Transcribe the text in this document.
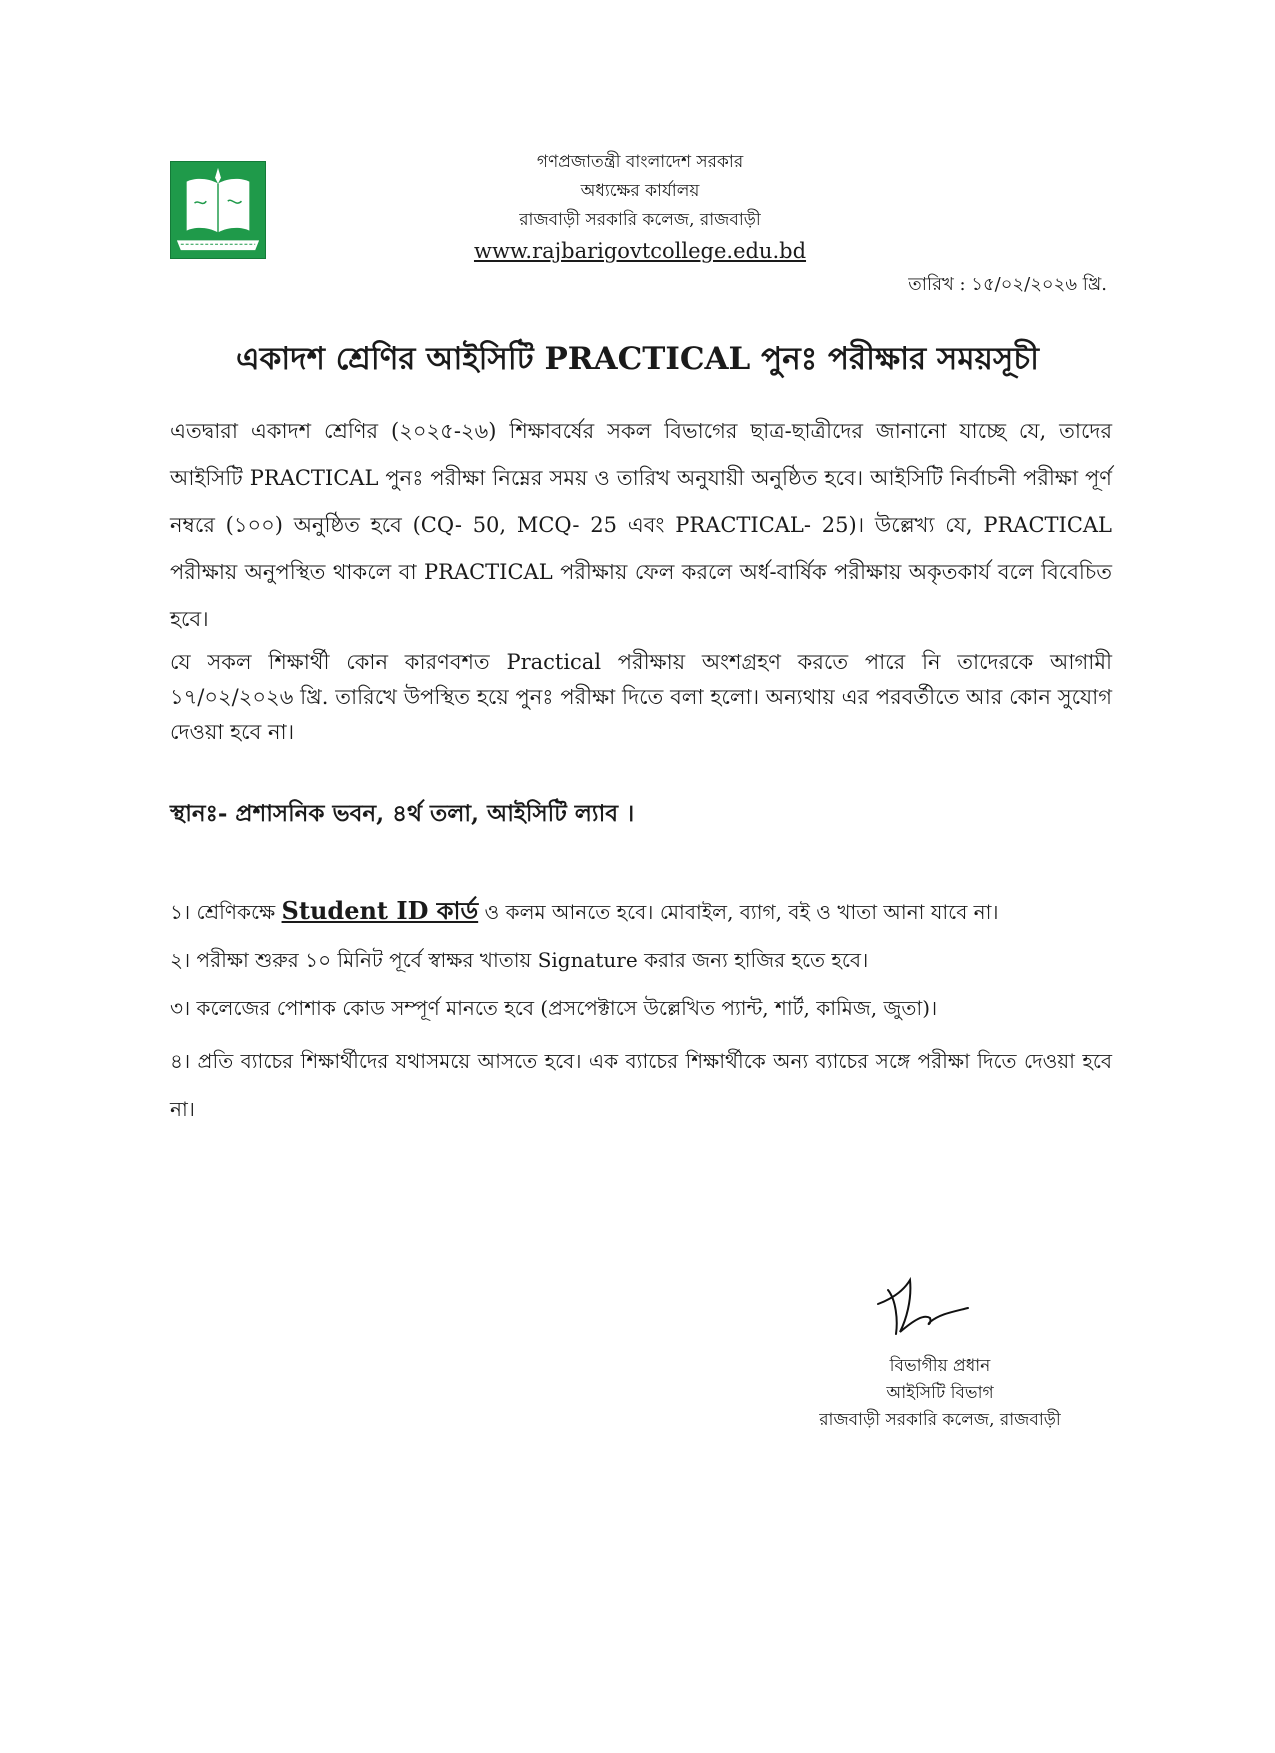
গণপ্রজাতন্ত্রী বাংলাদেশ সরকার
অধ্যক্ষের কার্যালয়
রাজবাড়ী সরকারি কলেজ, রাজবাড়ী
www.rajbarigovtcollege.edu.bd
তারিখ : ১৫/০২/২০২৬ খ্রি.
একাদশ শ্রেণির আইসিটি PRACTICAL পুনঃ পরীক্ষার সময়সূচী
এতদ্বারা একাদশ শ্রেণির (২০২৫-২৬) শিক্ষাবর্ষের সকল বিভাগের ছাত্র-ছাত্রীদের জানানো যাচ্ছে যে, তাদের আইসিটি PRACTICAL পুনঃ পরীক্ষা নিম্নের সময় ও তারিখ অনুযায়ী অনুষ্ঠিত হবে। আইসিটি নির্বাচনী পরীক্ষা পূর্ণ নম্বরে (১০০) অনুষ্ঠিত হবে (CQ- 50, MCQ- 25 এবং PRACTICAL- 25)। উল্লেখ্য যে, PRACTICAL পরীক্ষায় অনুপস্থিত থাকলে বা PRACTICAL পরীক্ষায় ফেল করলে অর্ধ-বার্ষিক পরীক্ষায় অকৃতকার্য বলে বিবেচিত হবে।
যে সকল শিক্ষার্থী কোন কারণবশত Practical পরীক্ষায় অংশগ্রহণ করতে পারে নি তাদেরকে আগামী ১৭/০২/২০২৬ খ্রি. তারিখে উপস্থিত হয়ে পুনঃ পরীক্ষা দিতে বলা হলো। অন্যথায় এর পরবর্তীতে আর কোন সুযোগ দেওয়া হবে না।
স্থানঃ- প্রশাসনিক ভবন, ৪র্থ তলা, আইসিটি ল্যাব ।
১। শ্রেণিকক্ষে Student ID কার্ড ও কলম আনতে হবে। মোবাইল, ব্যাগ, বই ও খাতা আনা যাবে না।
২। পরীক্ষা শুরুর ১০ মিনিট পূর্বে স্বাক্ষর খাতায় Signature করার জন্য হাজির হতে হবে।
৩। কলেজের পোশাক কোড সম্পূর্ণ মানতে হবে (প্রসপেক্টাসে উল্লেখিত প্যান্ট, শার্ট, কামিজ, জুতা)।
৪। প্রতি ব্যাচের শিক্ষার্থীদের যথাসময়ে আসতে হবে। এক ব্যাচের শিক্ষার্থীকে অন্য ব্যাচের সঙ্গে পরীক্ষা দিতে দেওয়া হবে না।
বিভাগীয় প্রধান
আইসিটি বিভাগ
রাজবাড়ী সরকারি কলেজ, রাজবাড়ী
